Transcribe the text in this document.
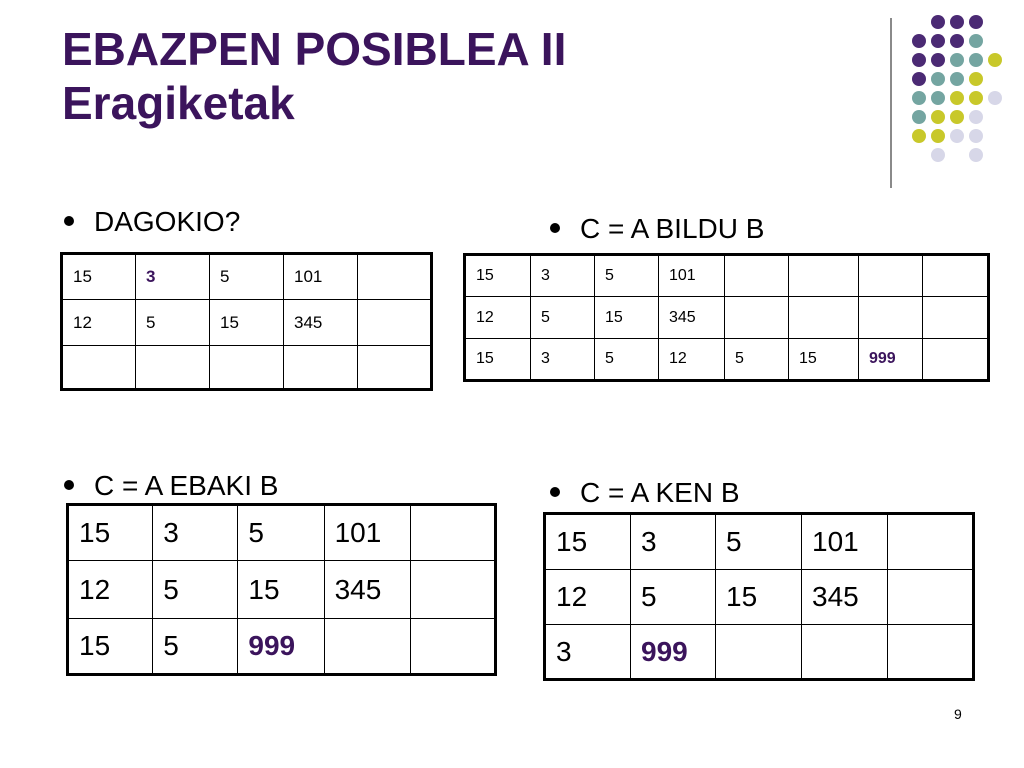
EBAZPEN POSIBLEA II
Eragiketak
DAGOKIO?
15	3	5	101	
12	5	15	345	

C = A BILDU B
15	3	5	101				
12	5	15	345				
15	3	5	12	5	15	999	
C = A EBAKI B
15	3	5	101	
12	5	15	345	
15	5	999		
C = A KEN B
15	3	5	101	
12	5	15	345	
3	999			
9
